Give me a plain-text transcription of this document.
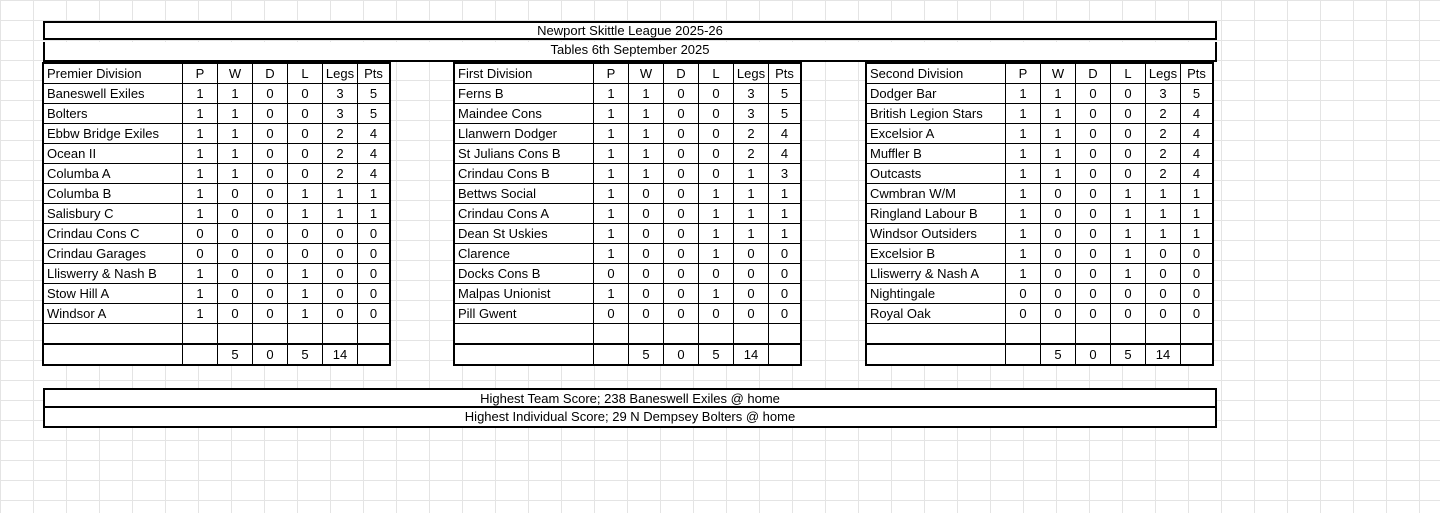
Newport Skittle League 2025-26
Tables 6th September 2025
Premier Division	P	W	D	L	Legs	Pts
Baneswell Exiles	1	1	0	0	3	5
Bolters	1	1	0	0	3	5
Ebbw Bridge Exiles	1	1	0	0	2	4
Ocean II	1	1	0	0	2	4
Columba A	1	1	0	0	2	4
Columba B	1	0	0	1	1	1
Salisbury C	1	0	0	1	1	1
Crindau Cons C	0	0	0	0	0	0
Crindau Garages	0	0	0	0	0	0
Lliswerry & Nash B	1	0	0	1	0	0
Stow Hill A	1	0	0	1	0	0
Windsor A	1	0	0	1	0	0

		5	0	5	14	
First Division	P	W	D	L	Legs	Pts
Ferns B	1	1	0	0	3	5
Maindee Cons	1	1	0	0	3	5
Llanwern Dodger	1	1	0	0	2	4
St Julians Cons B	1	1	0	0	2	4
Crindau Cons B	1	1	0	0	1	3
Bettws Social	1	0	0	1	1	1
Crindau Cons A	1	0	0	1	1	1
Dean St Uskies	1	0	0	1	1	1
Clarence	1	0	0	1	0	0
Docks Cons B	0	0	0	0	0	0
Malpas Unionist	1	0	0	1	0	0
Pill Gwent	0	0	0	0	0	0

		5	0	5	14	
Second Division	P	W	D	L	Legs	Pts
Dodger Bar	1	1	0	0	3	5
British Legion Stars	1	1	0	0	2	4
Excelsior A	1	1	0	0	2	4
Muffler B	1	1	0	0	2	4
Outcasts	1	1	0	0	2	4
Cwmbran W/M	1	0	0	1	1	1
Ringland Labour B	1	0	0	1	1	1
Windsor Outsiders	1	0	0	1	1	1
Excelsior B	1	0	0	1	0	0
Lliswerry & Nash A	1	0	0	1	0	0
Nightingale	0	0	0	0	0	0
Royal Oak	0	0	0	0	0	0

		5	0	5	14	
Highest Team Score; 238 Baneswell Exiles @ home
Highest Individual Score; 29 N Dempsey Bolters @ home
